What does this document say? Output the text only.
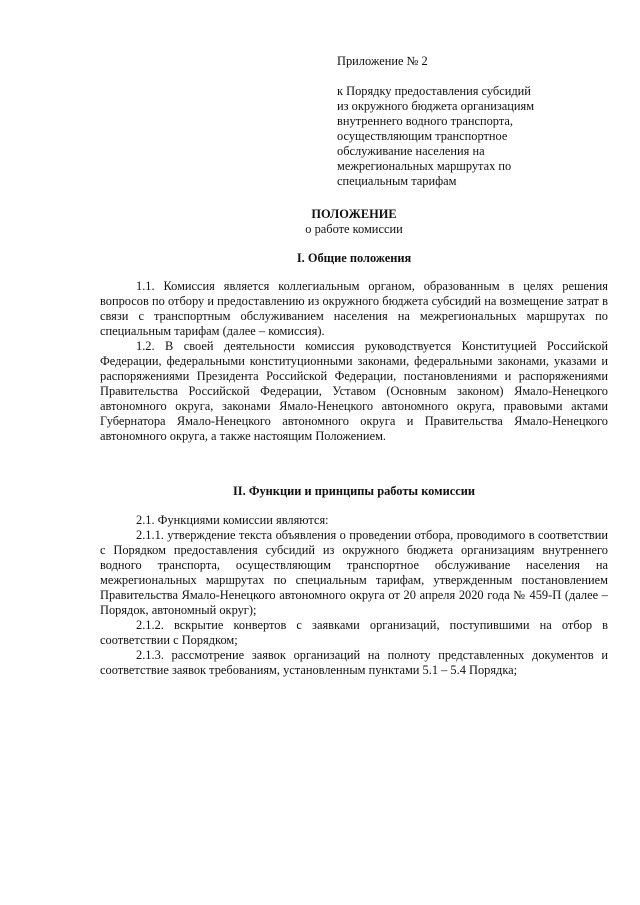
Приложение № 2
к Порядку предоставления субсидий
из окружного бюджета организациям
внутреннего водного транспорта,
осуществляющим транспортное
обслуживание населения на
межрегиональных маршрутах по
специальным тарифам
ПОЛОЖЕНИЕ
о работе комиссии
I. Общие положения

1.1. Комиссия является коллегиальным органом, образованным в целях решения вопросов по отбору и предоставлению из окружного бюджета субсидий на возмещение затрат в связи с транспортным обслуживанием населения на межрегиональных маршрутах по специальным тарифам (далее – комиссия).

1.2. В своей деятельности комиссия руководствуется Конституцией Российской Федерации, федеральными конституционными законами, федеральными законами, указами и распоряжениями Президента Российской Федерации, постановлениями и распоряжениями Правительства Российской Федерации, Уставом (Основным законом) Ямало-Ненецкого автономного округа, законами Ямало-Ненецкого автономного округа, правовыми актами Губернатора Ямало-Ненецкого автономного округа и Правительства Ямало-Ненецкого автономного округа, а также настоящим Положением.

II. Функции и принципы работы комиссии

2.1. Функциями комиссии являются:

2.1.1. утверждение текста объявления о проведении отбора, проводимого в соответствии с Порядком предоставления субсидий из окружного бюджета организациям внутреннего водного транспорта, осуществляющим транспортное обслуживание населения на межрегиональных маршрутах по специальным тарифам, утвержденным постановлением Правительства Ямало-Ненецкого автономного округа от 20 апреля 2020 года № 459-П (далее – Порядок, автономный округ);

2.1.2. вскрытие конвертов с заявками организаций, поступившими на отбор в соответствии с Порядком;

2.1.3. рассмотрение заявок организаций на полноту представленных документов и соответствие заявок требованиям, установленным пунктами 5.1 – 5.4 Порядка;
